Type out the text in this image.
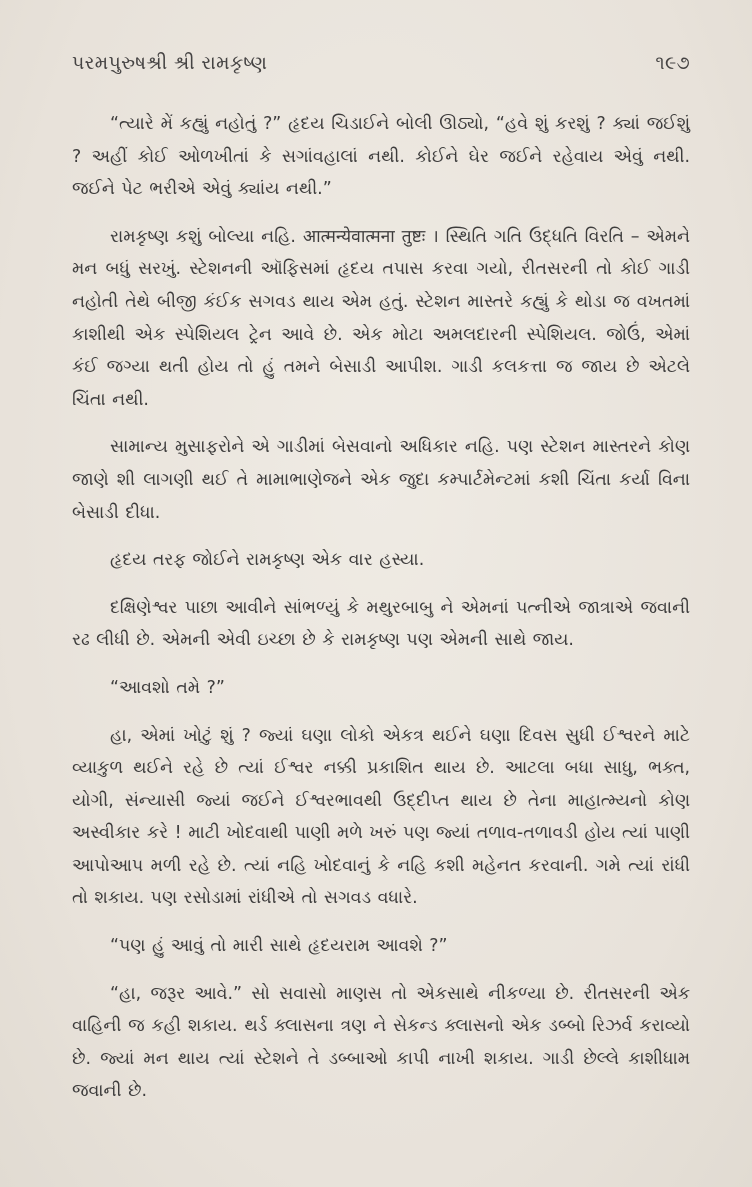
પરમપુરુષશ્રી શ્રી રામકૃષ્ણ	૧૯૭

“ત્યારે મેં કહ્યું નહોતું ?” હૃદય ચિડાઈને બોલી ઊઠ્યો, “હવે શું કરશું ? ક્યાં જઈશું ? અહીં કોઈ ઓળખીતાં કે સગાંવહાલાં નથી. કોઈને ઘેર જઈને રહેવાય એવું નથી. જઈને પેટ ભરીએ એવું ક્યાંય નથી.”

રામકૃષ્ણ કશું બોલ્યા નહિ. आत्मन्येवात्मना तुष्टः । સ્થિતિ ગતિ ઉદ્ધતિ વિરતિ – એમને મન બધું સરખું. સ્ટેશનની ઑફિસમાં હૃદય તપાસ કરવા ગયો, રીતસરની તો કોઈ ગાડી નહોતી તેથે બીજી કંઈક સગવડ થાય એમ હતું. સ્ટેશન માસ્તરે કહ્યું કે થોડા જ વખતમાં કાશીથી એક સ્પેશિયલ ટ્રેન આવે છે. એક મોટા અમલદારની સ્પેશિયલ. જોઉં, એમાં કંઈ જગ્યા થતી હોય તો હું તમને બેસાડી આપીશ. ગાડી કલકત્તા જ જાય છે એટલે ચિંતા નથી.

સામાન્ય મુસાફરોને એ ગાડીમાં બેસવાનો અધિકાર નહિ. પણ સ્ટેશન માસ્તરને કોણ જાણે શી લાગણી થઈ તે મામાભાણેજને એક જુદા કમ્પાર્ટમેન્ટમાં કશી ચિંતા કર્યા વિના બેસાડી દીધા.

હૃદય તરફ જોઈને રામકૃષ્ણ એક વાર હસ્યા.

દક્ષિણેશ્વર પાછા આવીને સાંભળ્યું કે મથુરબાબુ ને એમનાં પત્નીએ જાત્રાએ જવાની રઢ લીધી છે. એમની એવી ઇચ્છા છે કે રામકૃષ્ણ પણ એમની સાથે જાય.

“આવશો તમે ?”

હા, એમાં ખોટું શું ? જ્યાં ઘણા લોકો એકત્ર થઈને ઘણા દિવસ સુધી ઈશ્વરને માટે વ્યાકુળ થઈને રહે છે ત્યાં ઈશ્વર નક્કી પ્રકાશિત થાય છે. આટલા બધા સાધુ, ભક્ત, યોગી, સંન્યાસી જ્યાં જઈને ઈશ્વરભાવથી ઉદ્દીપ્ત થાય છે તેના માહાત્મ્યનો કોણ અસ્વીકાર કરે ! માટી ખોદવાથી પાણી મળે ખરું પણ જ્યાં તળાવ-તળાવડી હોય ત્યાં પાણી આપોઆપ મળી રહે છે. ત્યાં નહિ ખોદવાનું કે નહિ કશી મહેનત કરવાની. ગમે ત્યાં રાંધી તો શકાય. પણ રસોડામાં રાંધીએ તો સગવડ વધારે.

“પણ હું આવું તો મારી સાથે હૃદયરામ આવશે ?”

“હા, જરૂર આવે.” સો સવાસો માણસ તો એકસાથે નીકળ્યા છે. રીતસરની એક વાહિની જ કહી શકાય. થર્ડ ક્લાસના ત્રણ ને સેકન્ડ ક્લાસનો એક ડબ્બો રિઝર્વ કરાવ્યો છે. જ્યાં મન થાય ત્યાં સ્ટેશને તે ડબ્બાઓ કાપી નાખી શકાય. ગાડી છેલ્લે કાશીધામ જવાની છે.
